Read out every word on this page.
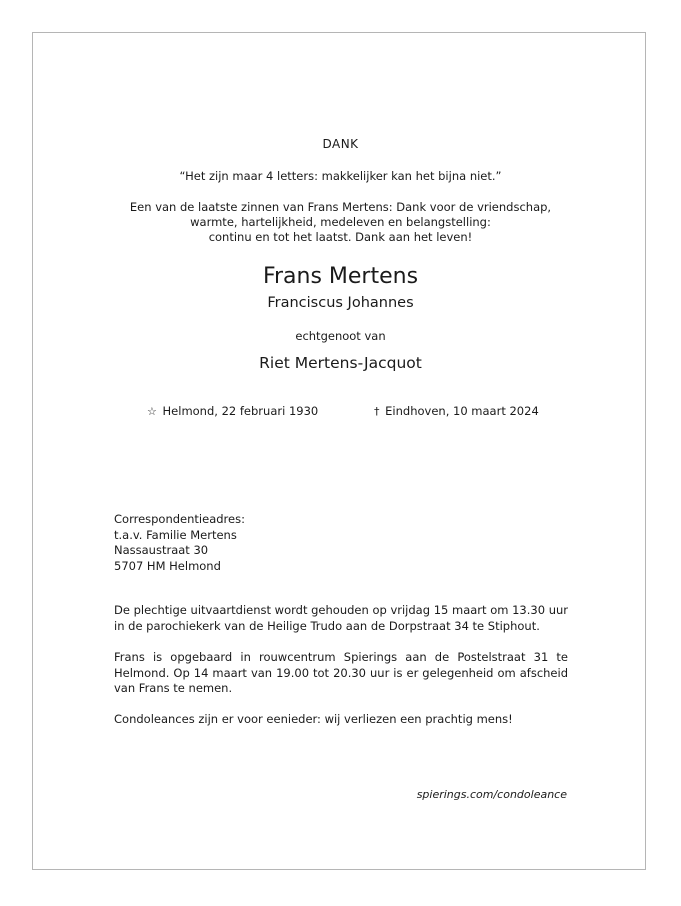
DANK
“Het zijn maar 4 letters: makkelijker kan het bijna niet.”
Een van de laatste zinnen van Frans Mertens: Dank voor de vriendschap,
warmte, hartelijkheid, medeleven en belangstelling:
continu en tot het laatst. Dank aan het leven!
Frans Mertens
Franciscus Johannes
echtgenoot van
Riet Mertens-Jacquot
☆ Helmond, 22 februari 1930	† Eindhoven, 10 maart 2024
Correspondentieadres:
t.a.v. Familie Mertens
Nassaustraat 30
5707 HM Helmond
De plechtige uitvaartdienst wordt gehouden op vrijdag 15 maart om 13.30 uur in de parochiekerk van de Heilige Trudo aan de Dorpstraat 34 te Stiphout.
Frans is opgebaard in rouwcentrum Spierings aan de Postelstraat 31 te Helmond. Op 14 maart van 19.00 tot 20.30 uur is er gelegenheid om afscheid van Frans te nemen.
Condoleances zijn er voor eenieder: wij verliezen een prachtig mens!
spierings.com/condoleance
